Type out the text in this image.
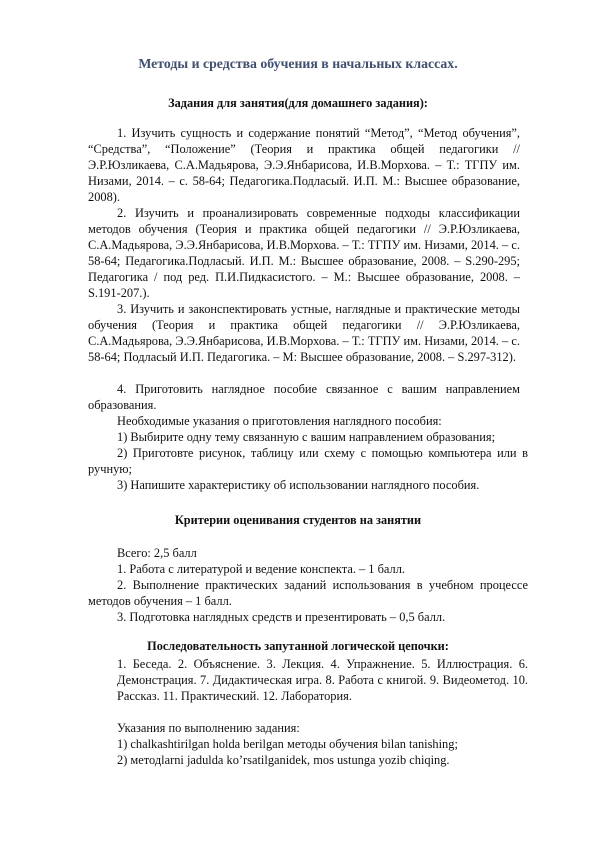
Методы и средства обучения в начальных классах.
Задания для занятия(для домашнего задания):

1. Изучить сущность и содержание понятий “Метод”, “Метод обучения”, “Средства”, “Положение” (Теория и практика общей педагогики // Э.Р.Юзликаева, С.А.Мадьярова, Э.Э.Янбарисова, И.В.Морхова. – Т.: ТГПУ им. Низами, 2014. – с. 58-64; Педагогика.Подласый. И.П. М.: Высшее образование, 2008).

2. Изучить и проанализировать современные подходы классификации методов обучения (Теория и практика общей педагогики // Э.Р.Юзликаева, С.А.Мадьярова, Э.Э.Янбарисова, И.В.Морхова. – Т.: ТГПУ им. Низами, 2014. – с. 58-64; Педагогика.Подласый. И.П. М.: Высшее образование, 2008. – S.290-295; Педагогика / под ред. П.И.Пидкасистого. – М.: Высшее образование, 2008. – S.191-207.).

3. Изучить и законспектировать устные, наглядные и практические методы обучения (Теория и практика общей педагогики // Э.Р.Юзликаева, С.А.Мадьярова, Э.Э.Янбарисова, И.В.Морхова. – Т.: ТГПУ им. Низами, 2014. – с. 58-64; Подласый И.П. Педагогика. – М: Высшее образование, 2008. – S.297-312).

4. Приготовить наглядное пособие связанное с вашим направлением образования.

Необходимые указания о приготовления наглядного пособия:

1) Выбирите одну тему связанную с вашим направлением образования;

2) Приготовте рисунок, таблицу или схему с помощью компьютера или в ручную;

3) Напишите характеристику об использовании наглядного пособия.

Критерии оценивания студентов на занятии

Всего: 2,5 балл

1. Работа с литературой и ведение конспекта. – 1 балл.

2. Выполнение практических заданий использования в учебном процессе методов обучения – 1 балл.

3. Подготовка наглядных средств и презентировать – 0,5 балл.

Последовательность запутанной логической цепочки:

1. Беседа. 2. Объяснение. 3. Лекция. 4. Упражнение. 5. Иллюстрация. 6. Демонстрация. 7. Дидактическая игра. 8. Работа с книгой. 9. Видеометод. 10. Рассказ. 11. Практический. 12. Лаборатория.

Указания по выполнению задания:

1) chalkashtirilgan holda berilgan методы обучения bilan tanishing;

2) методlarni jadulda ko’rsatilganidek, mos ustunga yozib chiqing.
